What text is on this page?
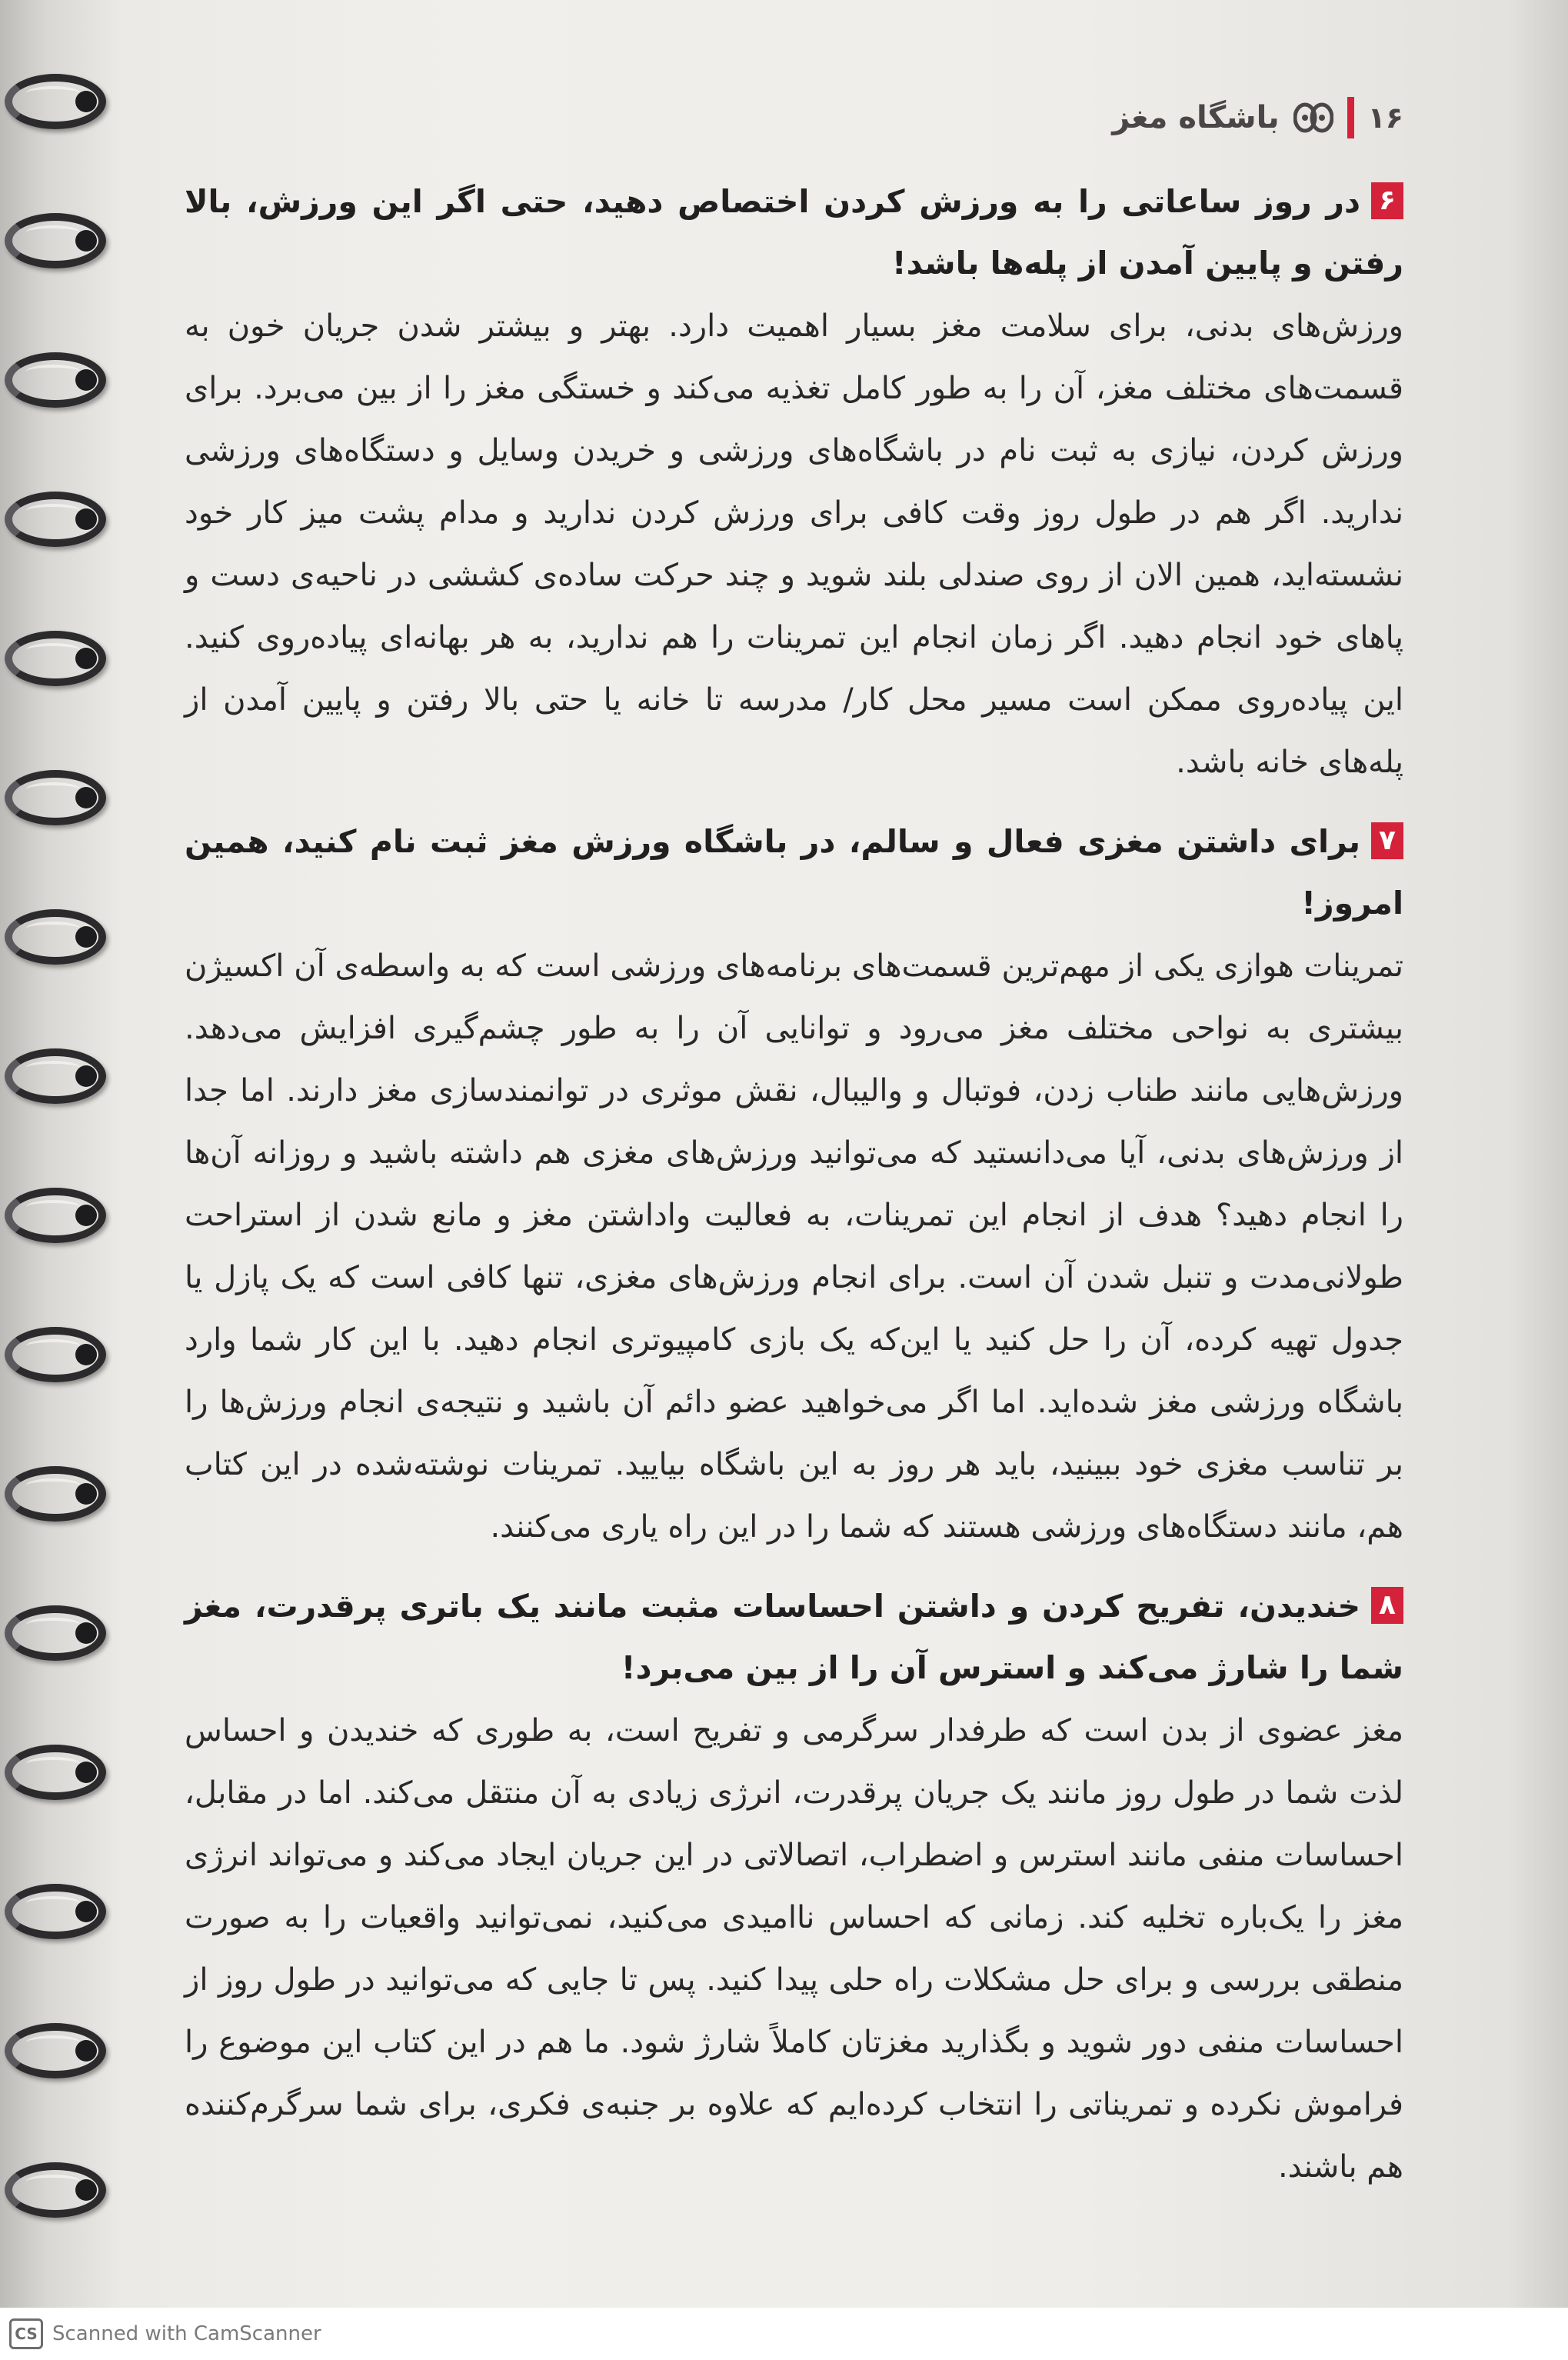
باشگاه مغز	۱۶
۶در روز ساعاتی را به ورزش کردن اختصاص دهید، حتی اگر این ورزش، بالا رفتن و پایین آمدن از پله‌ها باشد!

ورزش‌های بدنی، برای سلامت مغز بسیار اهمیت دارد. بهتر و بیشتر شدن جریان خون به قسمت‌های مختلف مغز، آن را به طور کامل تغذیه می‌کند و خستگی مغز را از بین می‌برد. برای ورزش کردن، نیازی به ثبت نام در باشگاه‌های ورزشی و خریدن وسایل و دستگاه‌های ورزشی ندارید. اگر هم در طول روز وقت کافی برای ورزش کردن ندارید و مدام پشت میز کار خود نشسته‌اید، همین الان از روی صندلی بلند شوید و چند حرکت ساده‌ی کششی در ناحیه‌ی دست و پاهای خود انجام دهید. اگر زمان انجام این تمرینات را هم ندارید، به هر بهانه‌ای پیاده‌روی کنید. این پیاده‌روی ممکن است مسیر محل کار/ مدرسه تا خانه یا حتی بالا رفتن و پایین آمدن از پله‌های خانه باشد.

۷برای داشتن مغزی فعال و سالم، در باشگاه ورزش مغز ثبت نام کنید، همین امروز!

تمرینات هوازی یکی از مهم‌ترین قسمت‌های برنامه‌های ورزشی است که به واسطه‌ی آن اکسیژن بیشتری به نواحی مختلف مغز می‌رود و توانایی آن را به طور چشم‌گیری افزایش می‌دهد. ورزش‌هایی مانند طناب زدن، فوتبال و والیبال، نقش موثری در توانمندسازی مغز دارند. اما جدا از ورزش‌های بدنی، آیا می‌دانستید که می‌توانید ورزش‌های مغزی هم داشته باشید و روزانه آن‌ها را انجام دهید؟ هدف از انجام این تمرینات، به فعالیت واداشتن مغز و مانع شدن از استراحت طولانی‌مدت و تنبل شدن آن است. برای انجام ورزش‌های مغزی، تنها کافی است که یک پازل یا جدول تهیه کرده، آن را حل کنید یا این‌که یک بازی کامپیوتری انجام دهید. با این کار شما وارد باشگاه ورزشی مغز شده‌اید. اما اگر می‌خواهید عضو دائم آن باشید و نتیجه‌ی انجام ورزش‌ها را بر تناسب مغزی خود ببینید، باید هر روز به این باشگاه بیایید. تمرینات نوشته‌شده در این کتاب هم، مانند دستگاه‌های ورزشی هستند که شما را در این راه یاری می‌کنند.

۸خندیدن، تفریح کردن و داشتن احساسات مثبت مانند یک باتری پرقدرت، مغز شما را شارژ می‌کند و استرس آن را از بین می‌برد!

مغز عضوی از بدن است که طرفدار سرگرمی و تفریح است، به طوری که خندیدن و احساس لذت شما در طول روز مانند یک جریان پرقدرت، انرژی زیادی به آن منتقل می‌کند. اما در مقابل، احساسات منفی مانند استرس و اضطراب، اتصالاتی در این جریان ایجاد می‌کند و می‌تواند انرژی مغز را یک‌باره تخلیه کند. زمانی که احساس ناامیدی می‌کنید، نمی‌توانید واقعیات را به صورت منطقی بررسی و برای حل مشکلات راه حلی پیدا کنید. پس تا جایی که می‌توانید در طول روز از احساسات منفی دور شوید و بگذارید مغزتان کاملاً شارژ شود. ما هم در این کتاب این موضوع را فراموش نکرده و تمریناتی را انتخاب کرده‌ایم که علاوه بر جنبه‌ی فکری، برای شما سرگرم‌کننده هم باشند.

CS Scanned with CamScanner
